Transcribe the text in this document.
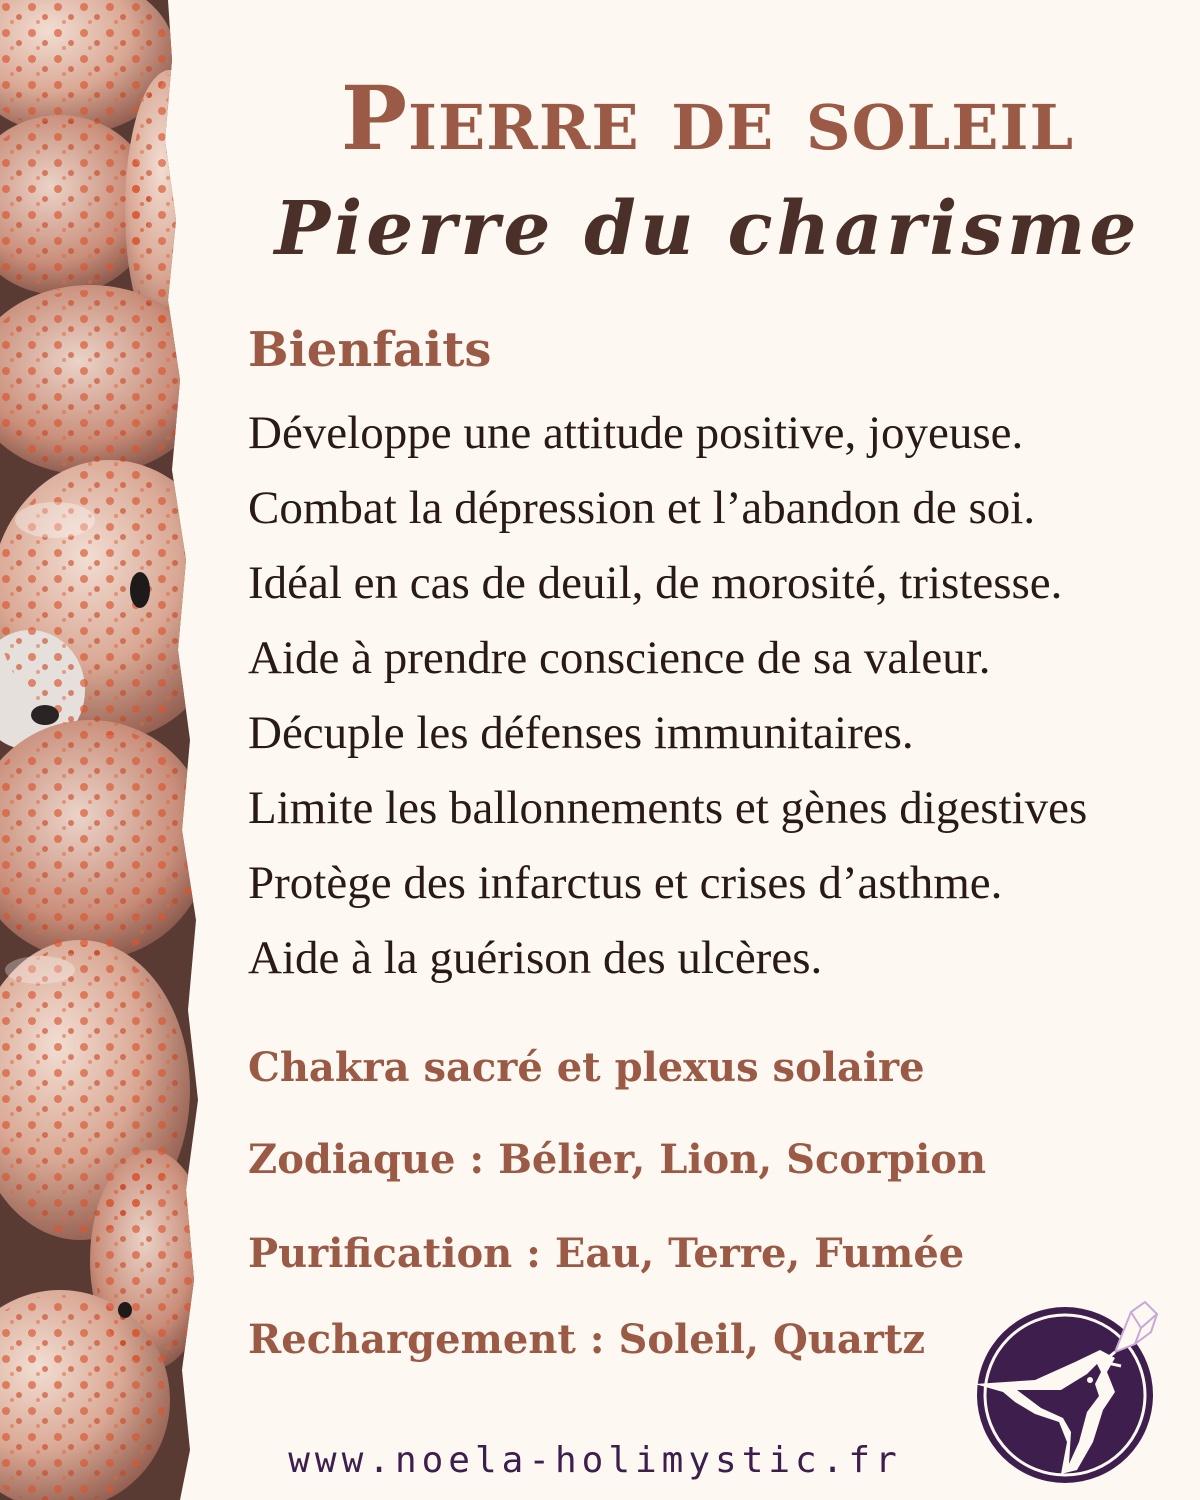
Pierre de soleil
Pierre du charisme
Bienfaits
Développe une attitude positive, joyeuse.
Combat la dépression et l’abandon de soi.
Idéal en cas de deuil, de morosité, tristesse.
Aide à prendre conscience de sa valeur.
Décuple les défenses immunitaires.
Limite les ballonnements et gènes digestives
Protège des infarctus et crises d’asthme.
Aide à la guérison des ulcères.
Chakra sacré et plexus solaire
Zodiaque : Bélier, Lion, Scorpion
Purification : Eau, Terre, Fumée
Rechargement : Soleil, Quartz
www.noela-holimystic.fr
